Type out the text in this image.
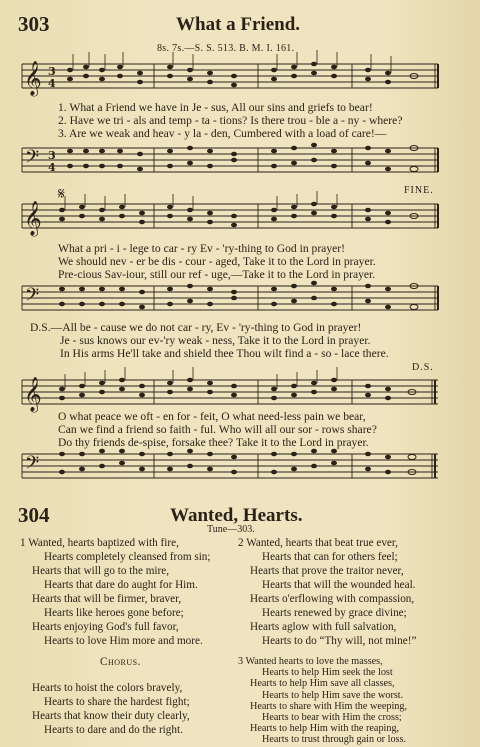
303	What a Friend.
8s. 7s.—S. S. 513. B. M. I. 161.
𝄞 3
4
1. What a Friend we have in Je - sus, All our sins and griefs to bear!
2. Have we tri - als and temp - ta - tions? Is there trou - ble a - ny - where?
3. Are we weak and heav - y la - den, Cumbered with a load of care!—
𝄢 3
4
𝄞
𝄋	FINE.
What a pri - i - lege to car - ry Ev - 'ry-thing to God in prayer!
We should nev - er be dis - cour - aged, Take it to the Lord in prayer.
Pre-cious Sav-iour, still our ref - uge,—Take it to the Lord in prayer.
𝄢
D.S.—All be - cause we do not car - ry, Ev - 'ry-thing to God in prayer!
Je - sus knows our ev-'ry weak - ness, Take it to the Lord in prayer.
In His arms He'll take and shield thee Thou wilt find a - so - lace there.
𝄞
D.S.
O what peace we oft - en for - feit, O what need-less pain we bear,
Can we find a friend so faith - ful. Who will all our sor - rows share?
Do thy friends de-spise, forsake thee? Take it to the Lord in prayer.
𝄢
304	Wanted, Hearts.
Tune—303.
1 Wanted, hearts baptized with fire,
Hearts completely cleansed from sin;
Hearts that will go to the mire,
Hearts that dare do aught for Him.
Hearts that will be firmer, braver,
Hearts like heroes gone before;
Hearts enjoying God's full favor,
Hearts to love Him more and more.
Chorus.
Hearts to hoist the colors bravely,
Hearts to share the hardest fight;
Hearts that know their duty clearly,
Hearts to dare and do the right.
2 Wanted, hearts that beat true ever,
Hearts that can for others feel;
Hearts that prove the traitor never,
Hearts that will the wounded heal.
Hearts o'erflowing with compassion,
Hearts renewed by grace divine;
Hearts aglow with full salvation,
Hearts to do “Thy will, not mine!”
3 Wanted hearts to love the masses,
Hearts to help Him seek the lost
Hearts to help Him save all classes,
Hearts to help Him save the worst.
Hearts to share with Him the weeping,
Hearts to bear with Him the cross;
Hearts to help Him with the reaping,
Hearts to trust through gain or loss.
